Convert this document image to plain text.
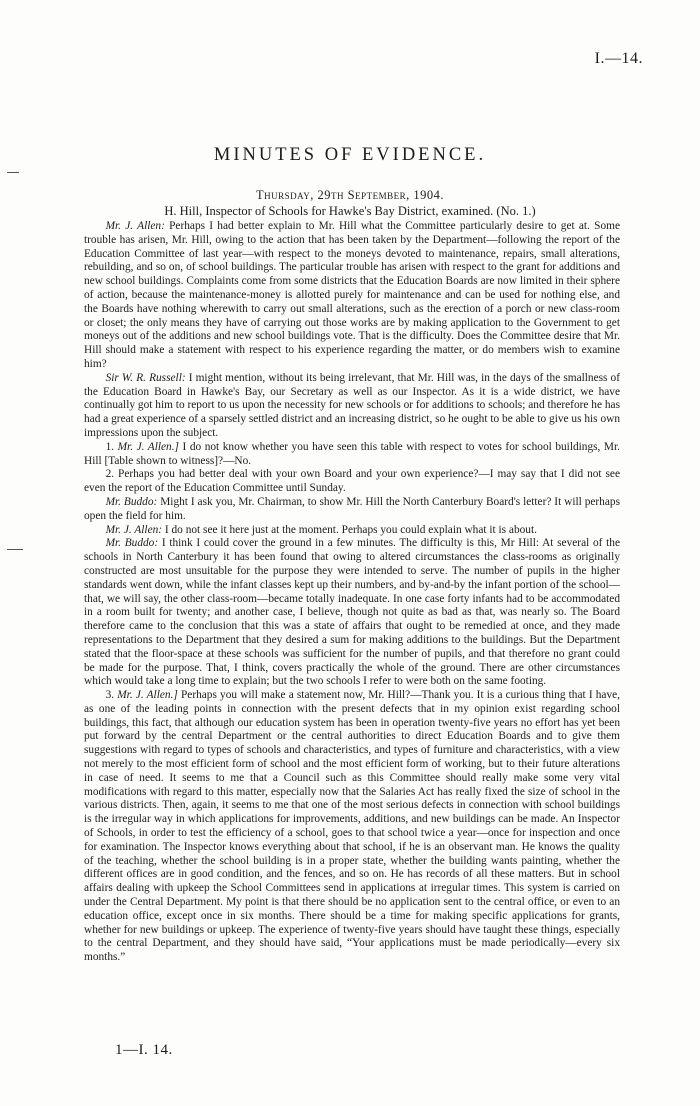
I.—14.
MINUTES OF EVIDENCE.
Thursday, 29th September, 1904.
H. Hill, Inspector of Schools for Hawke's Bay District, examined. (No. 1.)

Mr. J. Allen: Perhaps I had better explain to Mr. Hill what the Committee particularly desire to get at. Some trouble has arisen, Mr. Hill, owing to the action that has been taken by the Department—following the report of the Education Committee of last year—with respect to the moneys devoted to maintenance, repairs, small alterations, rebuilding, and so on, of school buildings. The particular trouble has arisen with respect to the grant for additions and new school buildings. Complaints come from some districts that the Education Boards are now limited in their sphere of action, because the maintenance-money is allotted purely for maintenance and can be used for nothing else, and the Boards have nothing wherewith to carry out small alterations, such as the erection of a porch or new class-room or closet; the only means they have of carrying out those works are by making application to the Government to get moneys out of the additions and new school buildings vote. That is the difficulty. Does the Committee desire that Mr. Hill should make a statement with respect to his experience regarding the matter, or do members wish to examine him?

Sir W. R. Russell: I might mention, without its being irrelevant, that Mr. Hill was, in the days of the smallness of the Education Board in Hawke's Bay, our Secretary as well as our Inspector. As it is a wide district, we have continually got him to report to us upon the necessity for new schools or for additions to schools; and therefore he has had a great experience of a sparsely settled district and an increasing district, so he ought to be able to give us his own impressions upon the subject.

1. Mr. J. Allen.] I do not know whether you have seen this table with respect to votes for school buildings, Mr. Hill [Table shown to witness]?—No.

2. Perhaps you had better deal with your own Board and your own experience?—I may say that I did not see even the report of the Education Committee until Sunday.

Mr. Buddo: Might I ask you, Mr. Chairman, to show Mr. Hill the North Canterbury Board's letter? It will perhaps open the field for him.

Mr. J. Allen: I do not see it here just at the moment. Perhaps you could explain what it is about.

Mr. Buddo: I think I could cover the ground in a few minutes. The difficulty is this, Mr Hill: At several of the schools in North Canterbury it has been found that owing to altered circumstances the class-rooms as originally constructed are most unsuitable for the purpose they were intended to serve. The number of pupils in the higher standards went down, while the infant classes kept up their numbers, and by-and-by the infant portion of the school—that, we will say, the other class-room—became totally inadequate. In one case forty infants had to be accommodated in a room built for twenty; and another case, I believe, though not quite as bad as that, was nearly so. The Board therefore came to the conclusion that this was a state of affairs that ought to be remedied at once, and they made representations to the Department that they desired a sum for making additions to the buildings. But the Department stated that the floor-space at these schools was sufficient for the number of pupils, and that therefore no grant could be made for the purpose. That, I think, covers practically the whole of the ground. There are other circumstances which would take a long time to explain; but the two schools I refer to were both on the same footing.

3. Mr. J. Allen.] Perhaps you will make a statement now, Mr. Hill?—Thank you. It is a curious thing that I have, as one of the leading points in connection with the present defects that in my opinion exist regarding school buildings, this fact, that although our education system has been in operation twenty-five years no effort has yet been put forward by the central Department or the central authorities to direct Education Boards and to give them suggestions with regard to types of schools and characteristics, and types of furniture and characteristics, with a view not merely to the most efficient form of school and the most efficient form of working, but to their future alterations in case of need. It seems to me that a Council such as this Committee should really make some very vital modifications with regard to this matter, especially now that the Salaries Act has really fixed the size of school in the various districts. Then, again, it seems to me that one of the most serious defects in connection with school buildings is the irregular way in which applications for improvements, additions, and new buildings can be made. An Inspector of Schools, in order to test the efficiency of a school, goes to that school twice a year—once for inspection and once for examination. The Inspector knows everything about that school, if he is an observant man. He knows the quality of the teaching, whether the school building is in a proper state, whether the building wants painting, whether the different offices are in good condition, and the fences, and so on. He has records of all these matters. But in school affairs dealing with upkeep the School Committees send in applications at irregular times. This system is carried on under the Central Department. My point is that there should be no application sent to the central office, or even to an education office, except once in six months. There should be a time for making specific applications for grants, whether for new buildings or upkeep. The experience of twenty-five years should have taught these things, especially to the central Department, and they should have said, “Your applications must be made periodically—every six months.”

1—I. 14.
